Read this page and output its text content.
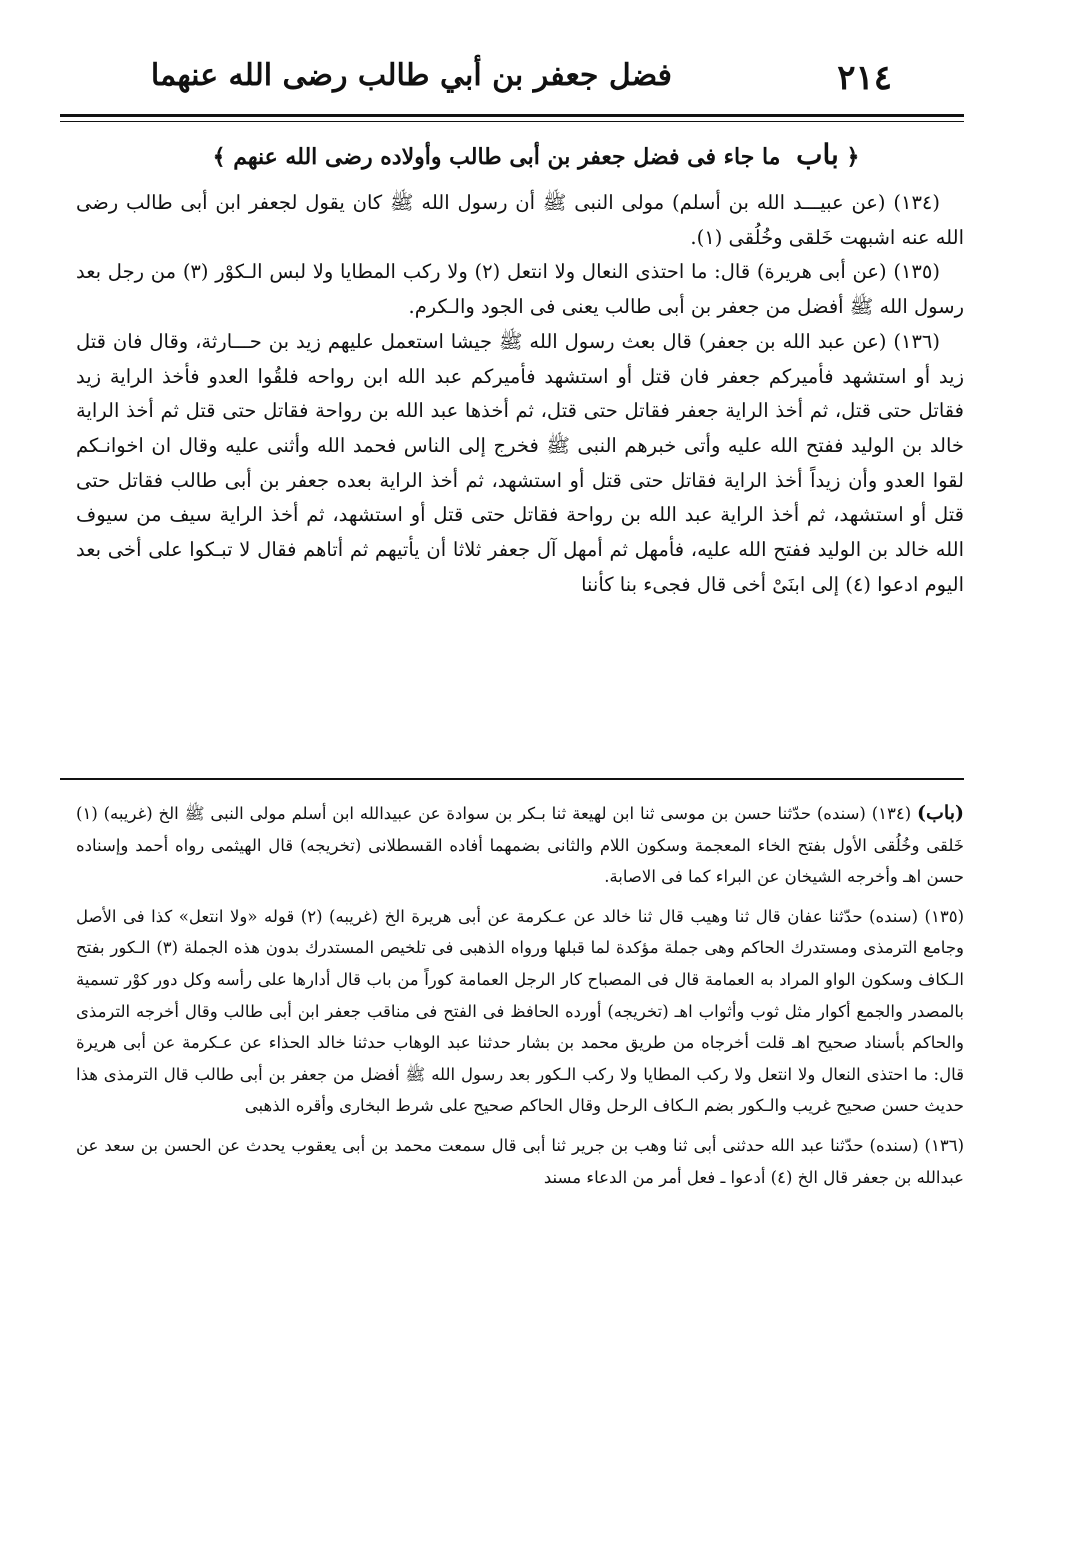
٢١٤
فضل جعفر بن أبي طالب رضى الله عنهما
﴿ باب ما جاء فى فضل جعفر بن أبى طالب وأولاده رضى الله عنهم ﴾

(١٣٤) (عن عبيـــد الله بن أسلم) مولى النبى ﷺ أن رسول الله ﷺ كان يقول لجعفر ابن أبى طالب رضى الله عنه اشبهت خَلقى وخُلُقى (١).

(١٣٥) (عن أبى هريرة) قال: ما احتذى النعال ولا انتعل (٢) ولا ركب المطايا ولا لبس الـكوْر (٣) من رجل بعد رسول الله ﷺ أفضل من جعفر بن أبى طالب يعنى فى الجود والـكرم.

(١٣٦) (عن عبد الله بن جعفر) قال بعث رسول الله ﷺ جيشا استعمل عليهم زيد بن حـــارثة، وقال فان قتل زيد أو استشهد فأميركم جعفر فان قتل أو استشهد فأميركم عبد الله ابن رواحه فلقُوا العدو فأخذ الراية زيد فقاتل حتى قتل، ثم أخذ الراية جعفر فقاتل حتى قتل، ثم أخذها عبد الله بن رواحة فقاتل حتى قتل ثم أخذ الراية خالد بن الوليد ففتح الله عليه وأتى خبرهم النبى ﷺ فخرج إلى الناس فحمد الله وأثنى عليه وقال ان اخوانـكم لقوا العدو وأن زيداً أخذ الراية فقاتل حتى قتل أو استشهد، ثم أخذ الراية بعده جعفر بن أبى طالب فقاتل حتى قتل أو استشهد، ثم أخذ الراية عبد الله بن رواحة فقاتل حتى قتل أو استشهد، ثم أخذ الراية سيف من سيوف الله خالد بن الوليد ففتح الله عليه، فأمهل ثم أمهل آل جعفر ثلاثا أن يأتيهم ثم أتاهم فقال لا تبـكوا على أخى بعد اليوم ادعوا (٤) إلى ابنَىْ أخى قال فجىء بنا كأننا

(باب) (١٣٤) (سنده) حدّثنا حسن بن موسى ثنا ابن لهيعة ثنا بـكر بن سوادة عن عبيدالله ابن أسلم مولى النبى ﷺ الخ (غريبه) (١) خَلقى وخُلُقى الأول بفتح الخاء المعجمة وسكون اللام والثانى بضمهما أفاده القسطلانى (تخريجه) قال الهيثمى رواه أحمد وإسناده حسن اهـ وأخرجه الشيخان عن البراء كما فى الاصابة.

(١٣٥) (سنده) حدّثنا عفان قال ثنا وهيب قال ثنا خالد عن عـكرمة عن أبى هريرة الخ (غريبه) (٢) قوله «ولا انتعل» كذا فى الأصل وجامع الترمذى ومستدرك الحاكم وهى جملة مؤكدة لما قبلها ورواه الذهبى فى تلخيص المستدرك بدون هذه الجملة (٣) الـكور بفتح الـكاف وسكون الواو المراد به العمامة قال فى المصباح كار الرجل العمامة كوراً من باب قال أدارها على رأسه وكل دور كوْر تسمية بالمصدر والجمع أكوار مثل ثوب وأثواب اهـ (تخريجه) أورده الحافظ فى الفتح فى مناقب جعفر ابن أبى طالب وقال أخرجه الترمذى والحاكم بأسناد صحيح اهـ قلت أخرجاه من طريق محمد بن بشار حدثنا عبد الوهاب حدثنا خالد الحذاء عن عـكرمة عن أبى هريرة قال: ما احتذى النعال ولا انتعل ولا ركب المطايا ولا ركب الـكور بعد رسول الله ﷺ أفضل من جعفر بن أبى طالب قال الترمذى هذا حديث حسن صحيح غريب والـكور بضم الـكاف الرحل وقال الحاكم صحيح على شرط البخارى وأقره الذهبى

(١٣٦) (سنده) حدّثنا عبد الله حدثنى أبى ثنا وهب بن جرير ثنا أبى قال سمعت محمد بن أبى يعقوب يحدث عن الحسن بن سعد عن عبدالله بن جعفر قال الخ (٤) أدعوا ـ فعل أمر من الدعاء مسند
